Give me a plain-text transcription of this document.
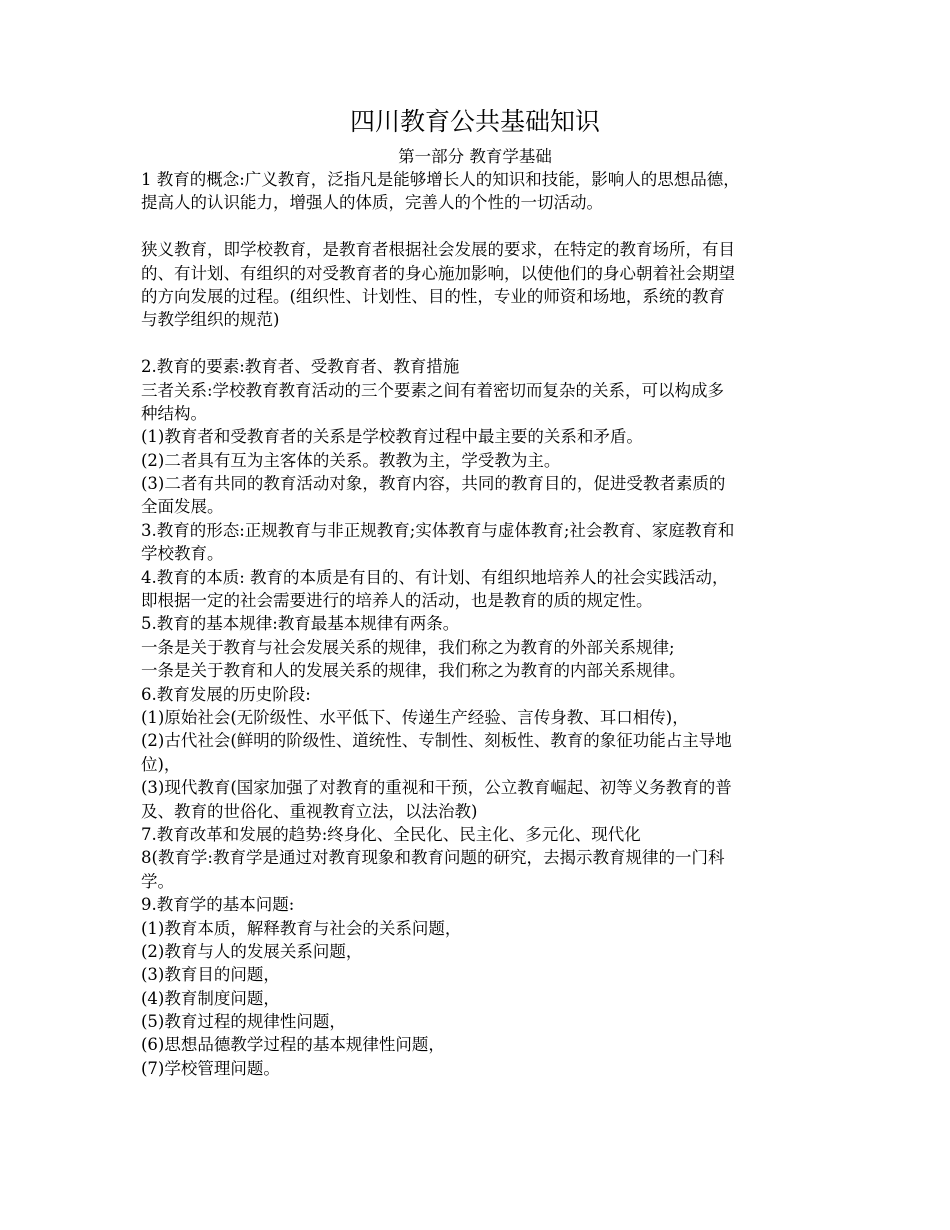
四川教育公共基础知识
第一部分 教育学基础
1 教育的概念:广义教育，泛指凡是能够增长人的知识和技能，影响人的思想品德，
提高人的认识能力，增强人的体质，完善人的个性的一切活动。
狭义教育，即学校教育，是教育者根据社会发展的要求，在特定的教育场所，有目
的、有计划、有组织的对受教育者的身心施加影响，以使他们的身心朝着社会期望
的方向发展的过程。(组织性、计划性、目的性，专业的师资和场地，系统的教育
与教学组织的规范)
2.教育的要素:教育者、受教育者、教育措施
三者关系:学校教育教育活动的三个要素之间有着密切而复杂的关系，可以构成多
种结构。
(1)教育者和受教育者的关系是学校教育过程中最主要的关系和矛盾。
(2)二者具有互为主客体的关系。教教为主，学受教为主。
(3)二者有共同的教育活动对象，教育内容，共同的教育目的，促进受教者素质的
全面发展。
3.教育的形态:正规教育与非正规教育;实体教育与虚体教育;社会教育、家庭教育和
学校教育。
4.教育的本质: 教育的本质是有目的、有计划、有组织地培养人的社会实践活动，
即根据一定的社会需要进行的培养人的活动，也是教育的质的规定性。
5.教育的基本规律:教育最基本规律有两条。
一条是关于教育与社会发展关系的规律，我们称之为教育的外部关系规律;
一条是关于教育和人的发展关系的规律，我们称之为教育的内部关系规律。
6.教育发展的历史阶段:
(1)原始社会(无阶级性、水平低下、传递生产经验、言传身教、耳口相传)，
(2)古代社会(鲜明的阶级性、道统性、专制性、刻板性、教育的象征功能占主导地
位)，
(3)现代教育(国家加强了对教育的重视和干预，公立教育崛起、初等义务教育的普
及、教育的世俗化、重视教育立法，以法治教)
7.教育改革和发展的趋势:终身化、全民化、民主化、多元化、现代化
8(教育学:教育学是通过对教育现象和教育问题的研究，去揭示教育规律的一门科
学。
9.教育学的基本问题:
(1)教育本质，解释教育与社会的关系问题，
(2)教育与人的发展关系问题，
(3)教育目的问题，
(4)教育制度问题，
(5)教育过程的规律性问题，
(6)思想品德教学过程的基本规律性问题，
(7)学校管理问题。
